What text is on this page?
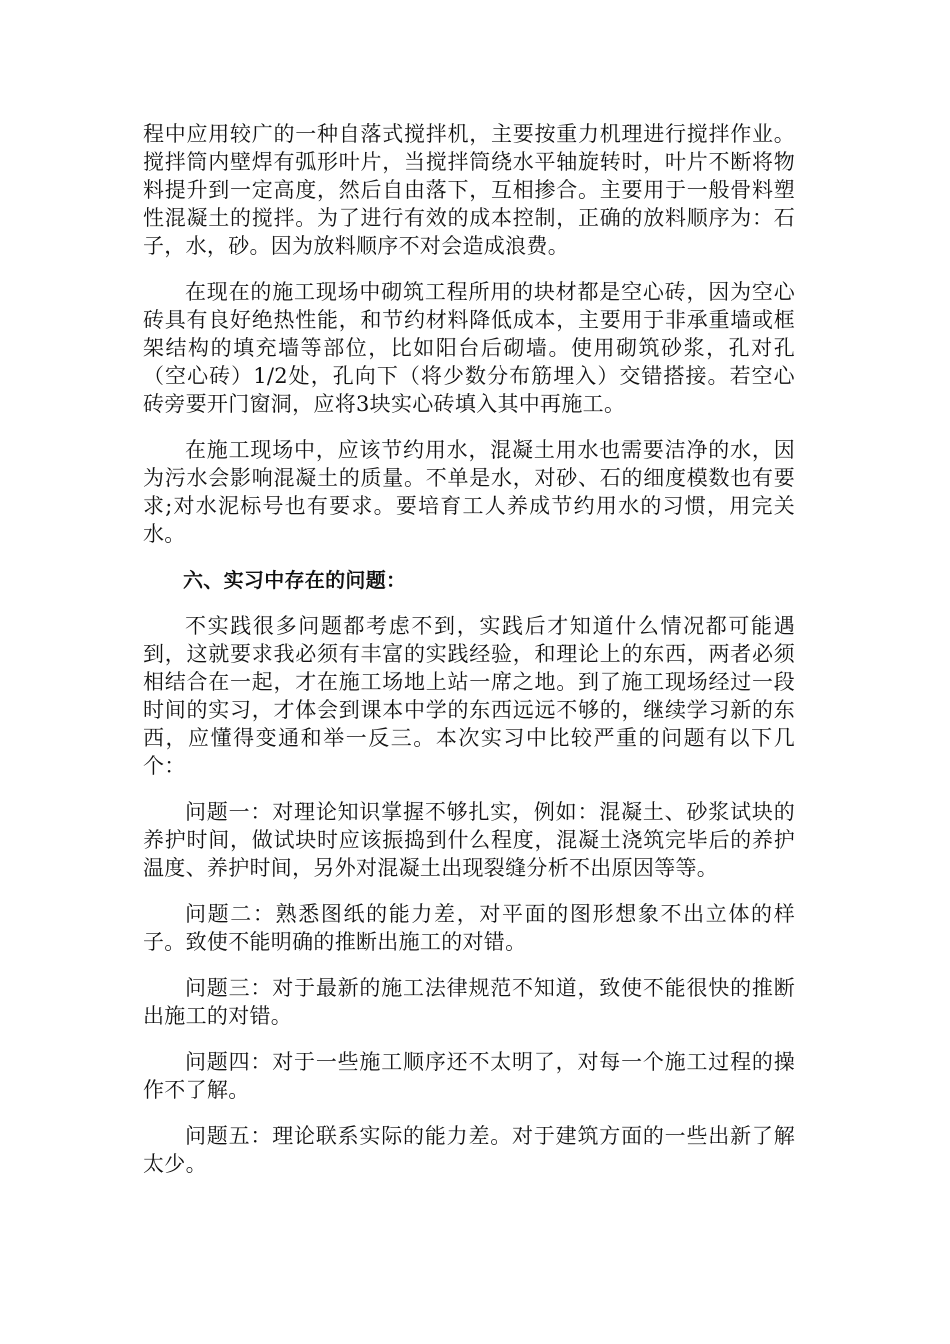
程中应用较广的一种自落式搅拌机，主要按重力机理进行搅拌作业。搅拌筒内壁焊有弧形叶片，当搅拌筒绕水平轴旋转时，叶片不断将物料提升到一定高度，然后自由落下，互相掺合。主要用于一般骨料塑性混凝土的搅拌。为了进行有效的成本控制，正确的放料顺序为：石子，水，砂。因为放料顺序不对会造成浪费。

在现在的施工现场中砌筑工程所用的块材都是空心砖，因为空心砖具有良好绝热性能，和节约材料降低成本，主要用于非承重墙或框架结构的填充墙等部位，比如阳台后砌墙。使用砌筑砂浆，孔对孔（空心砖）1/2处，孔向下（将少数分布筋埋入）交错搭接。若空心砖旁要开门窗洞，应将3块实心砖填入其中再施工。

在施工现场中，应该节约用水，混凝土用水也需要洁净的水，因为污水会影响混凝土的质量。不单是水，对砂、石的细度模数也有要求;对水泥标号也有要求。要培育工人养成节约用水的习惯，用完关水。

六、实习中存在的问题：

不实践很多问题都考虑不到，实践后才知道什么情况都可能遇到，这就要求我必须有丰富的实践经验，和理论上的东西，两者必须相结合在一起，才在施工场地上站一席之地。到了施工现场经过一段时间的实习，才体会到课本中学的东西远远不够的，继续学习新的东西，应懂得变通和举一反三。本次实习中比较严重的问题有以下几个：

问题一：对理论知识掌握不够扎实，例如：混凝土、砂浆试块的养护时间，做试块时应该振捣到什么程度，混凝土浇筑完毕后的养护温度、养护时间，另外对混凝土出现裂缝分析不出原因等等。

问题二：熟悉图纸的能力差，对平面的图形想象不出立体的样子。致使不能明确的推断出施工的对错。

问题三：对于最新的施工法律规范不知道，致使不能很快的推断出施工的对错。

问题四：对于一些施工顺序还不太明了，对每一个施工过程的操作不了解。

问题五：理论联系实际的能力差。对于建筑方面的一些出新了解太少。
